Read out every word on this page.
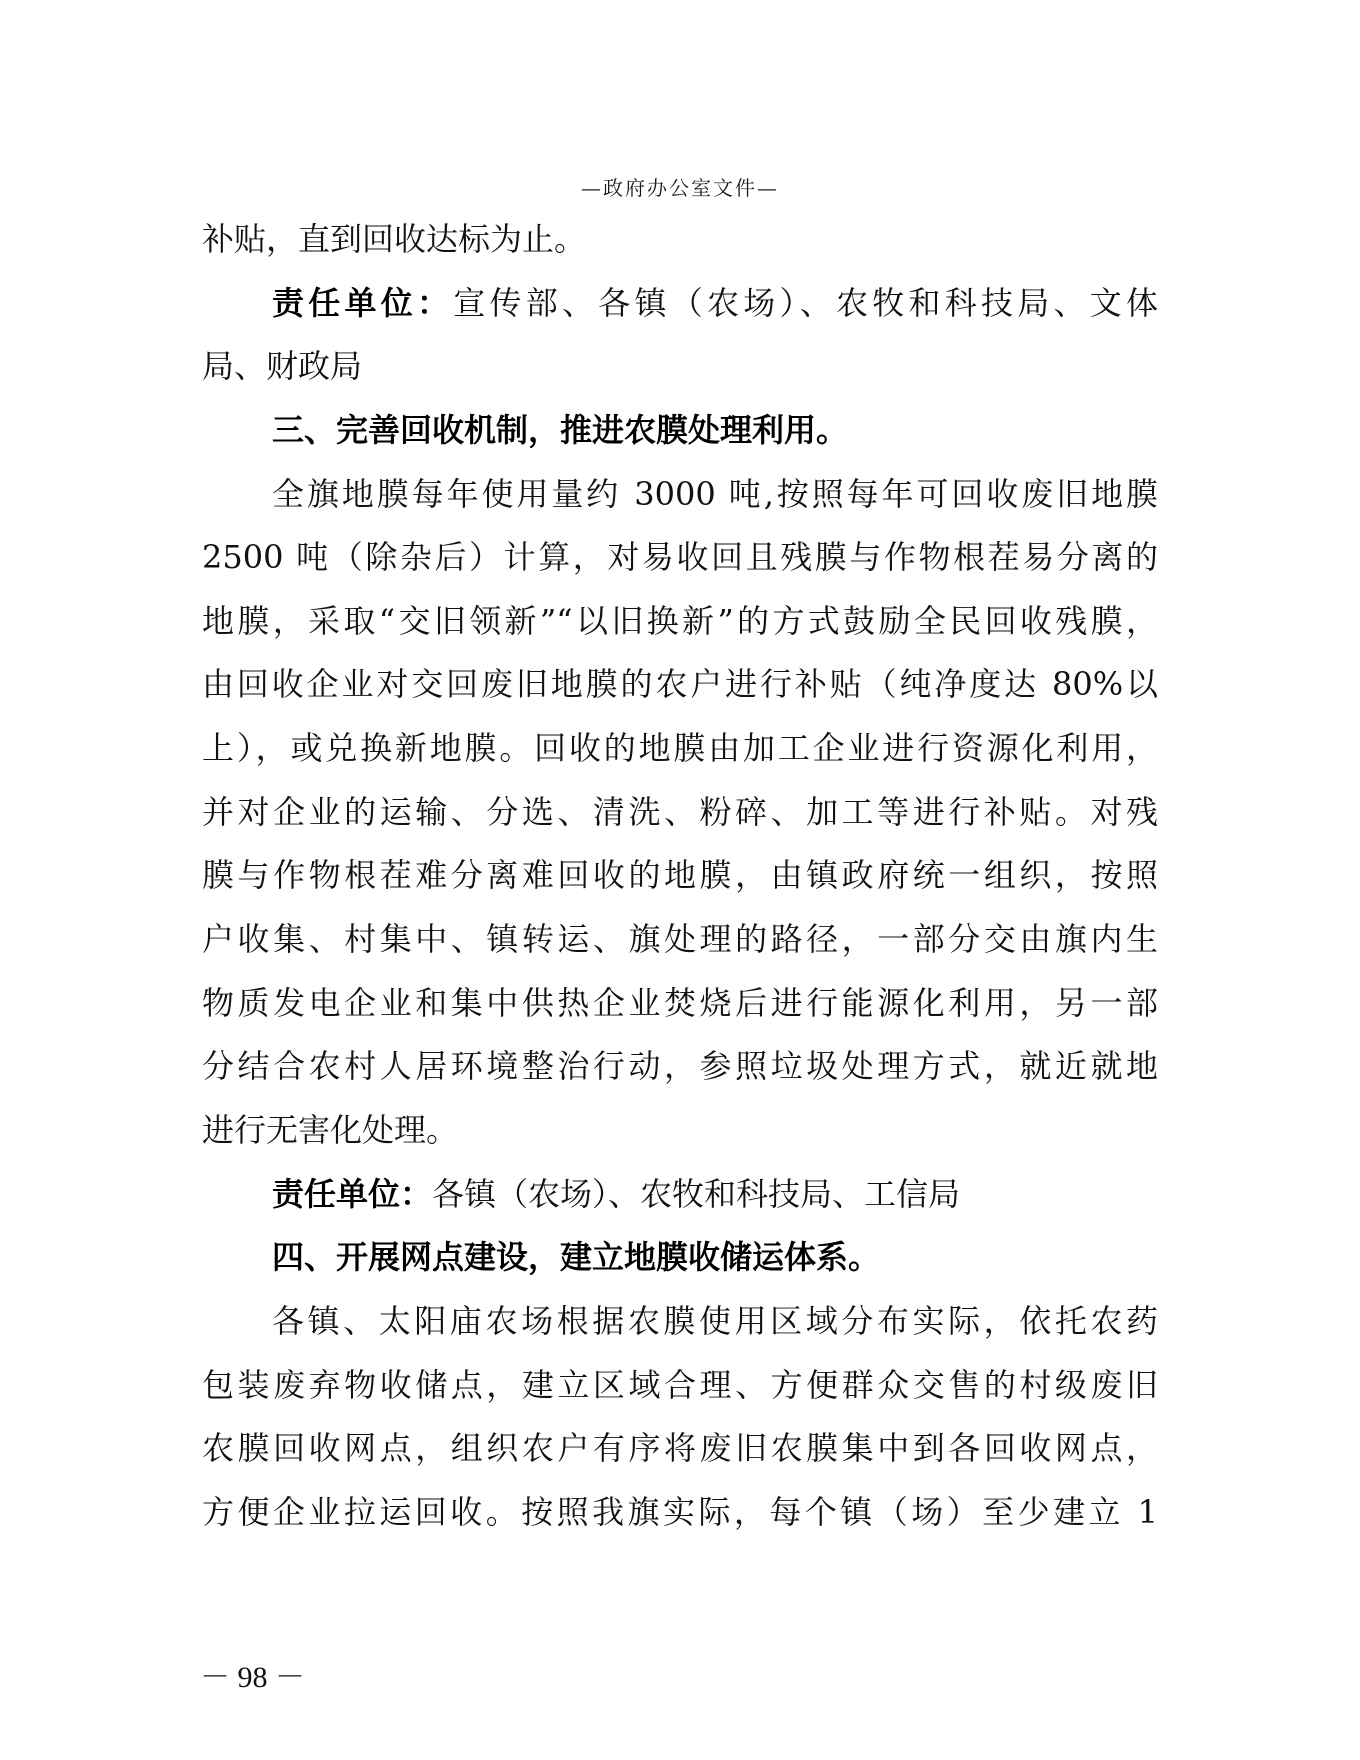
—政府办公室文件—
补贴，直到回收达标为止。
责任单位：宣传部、各镇（农场）、农牧和科技局、文体
局、财政局
三、完善回收机制，推进农膜处理利用。
全旗地膜每年使用量约 3000 吨,按照每年可回收废旧地膜
2500 吨（除杂后）计算，对易收回且残膜与作物根茬易分离的
地膜，采取“交旧领新”“以旧换新”的方式鼓励全民回收残膜，
由回收企业对交回废旧地膜的农户进行补贴（纯净度达 80%以
上），或兑换新地膜。回收的地膜由加工企业进行资源化利用，
并对企业的运输、分选、清洗、粉碎、加工等进行补贴。对残
膜与作物根茬难分离难回收的地膜，由镇政府统一组织，按照
户收集、村集中、镇转运、旗处理的路径，一部分交由旗内生
物质发电企业和集中供热企业焚烧后进行能源化利用，另一部
分结合农村人居环境整治行动，参照垃圾处理方式，就近就地
进行无害化处理。
责任单位：各镇（农场）、农牧和科技局、工信局
四、开展网点建设，建立地膜收储运体系。
各镇、太阳庙农场根据农膜使用区域分布实际，依托农药
包装废弃物收储点，建立区域合理、方便群众交售的村级废旧
农膜回收网点，组织农户有序将废旧农膜集中到各回收网点，
方便企业拉运回收。按照我旗实际，每个镇（场）至少建立 1
－ 98 －
